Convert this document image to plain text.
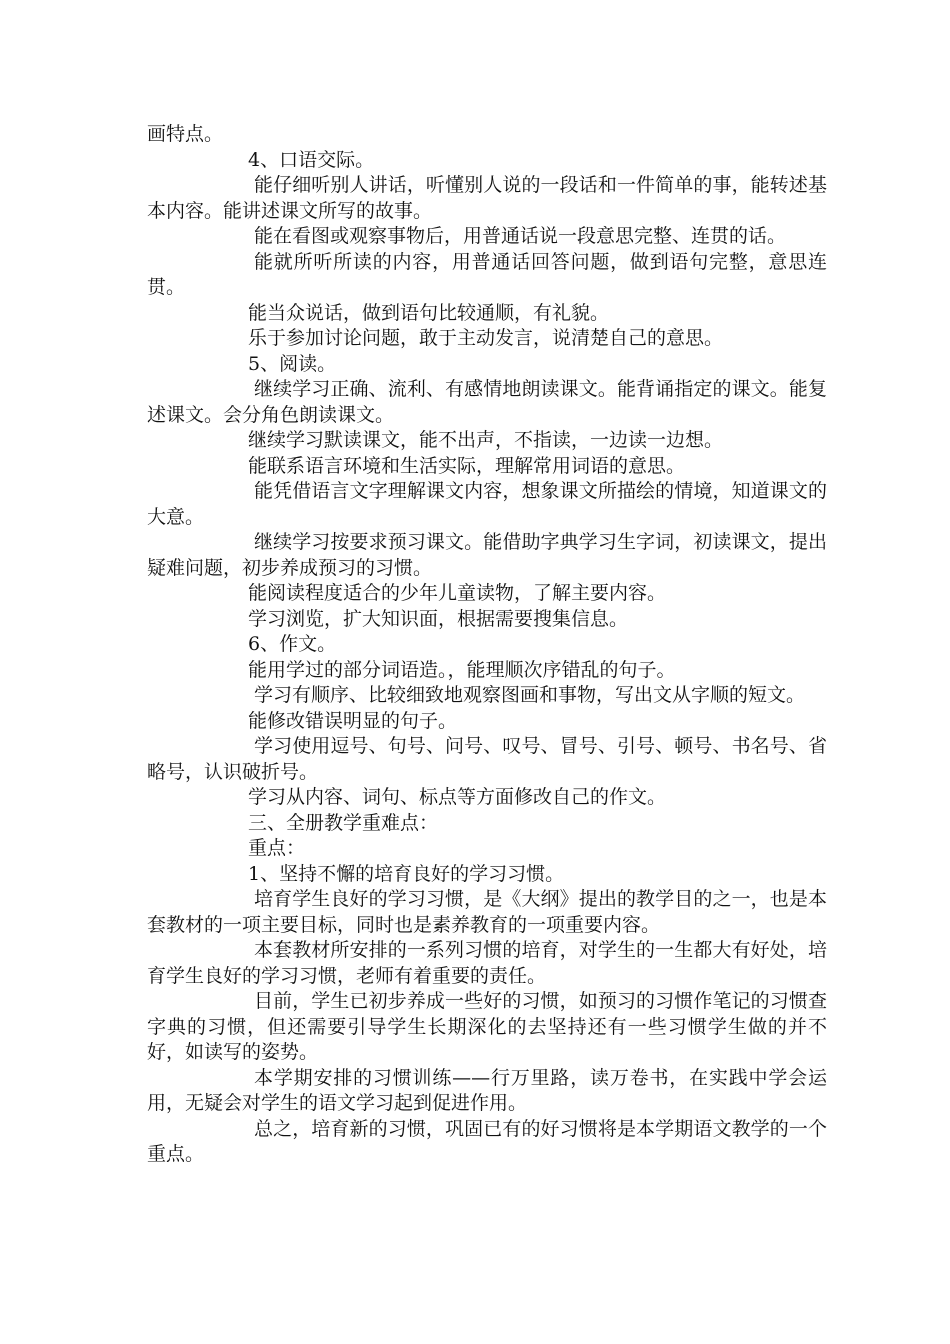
画特点。

4、口语交际。

能仔细听别人讲话，听懂别人说的一段话和一件简单的事，能转述基本内容。能讲述课文所写的故事。

能在看图或观察事物后，用普通话说一段意思完整、连贯的话。

能就所听所读的内容，用普通话回答问题，做到语句完整，意思连贯。

能当众说话，做到语句比较通顺，有礼貌。

乐于参加讨论问题，敢于主动发言，说清楚自己的意思。

5、阅读。

继续学习正确、流利、有感情地朗读课文。能背诵指定的课文。能复述课文。会分角色朗读课文。

继续学习默读课文，能不出声，不指读，一边读一边想。

能联系语言环境和生活实际，理解常用词语的意思。

能凭借语言文字理解课文内容，想象课文所描绘的情境，知道课文的大意。

继续学习按要求预习课文。能借助字典学习生字词，初读课文，提出疑难问题，初步养成预习的习惯。

能阅读程度适合的少年儿童读物，了解主要内容。

学习浏览，扩大知识面，根据需要搜集信息。

6、作文。

能用学过的部分词语造。，能理顺次序错乱的句子。

学习有顺序、比较细致地观察图画和事物，写出文从字顺的短文。

能修改错误明显的句子。

学习使用逗号、句号、问号、叹号、冒号、引号、顿号、书名号、省略号，认识破折号。

学习从内容、词句、标点等方面修改自己的作文。

三、全册教学重难点：

重点：

1、坚持不懈的培育良好的学习习惯。

培育学生良好的学习习惯，是《大纲》提出的教学目的之一，也是本套教材的一项主要目标，同时也是素养教育的一项重要内容。

本套教材所安排的一系列习惯的培育，对学生的一生都大有好处，培育学生良好的学习习惯，老师有着重要的责任。

目前，学生已初步养成一些好的习惯，如预习的习惯作笔记的习惯查字典的习惯，但还需要引导学生长期深化的去坚持还有一些习惯学生做的并不好，如读写的姿势。

本学期安排的习惯训练——行万里路，读万卷书，在实践中学会运用，无疑会对学生的语文学习起到促进作用。

总之，培育新的习惯，巩固已有的好习惯将是本学期语文教学的一个重点。
